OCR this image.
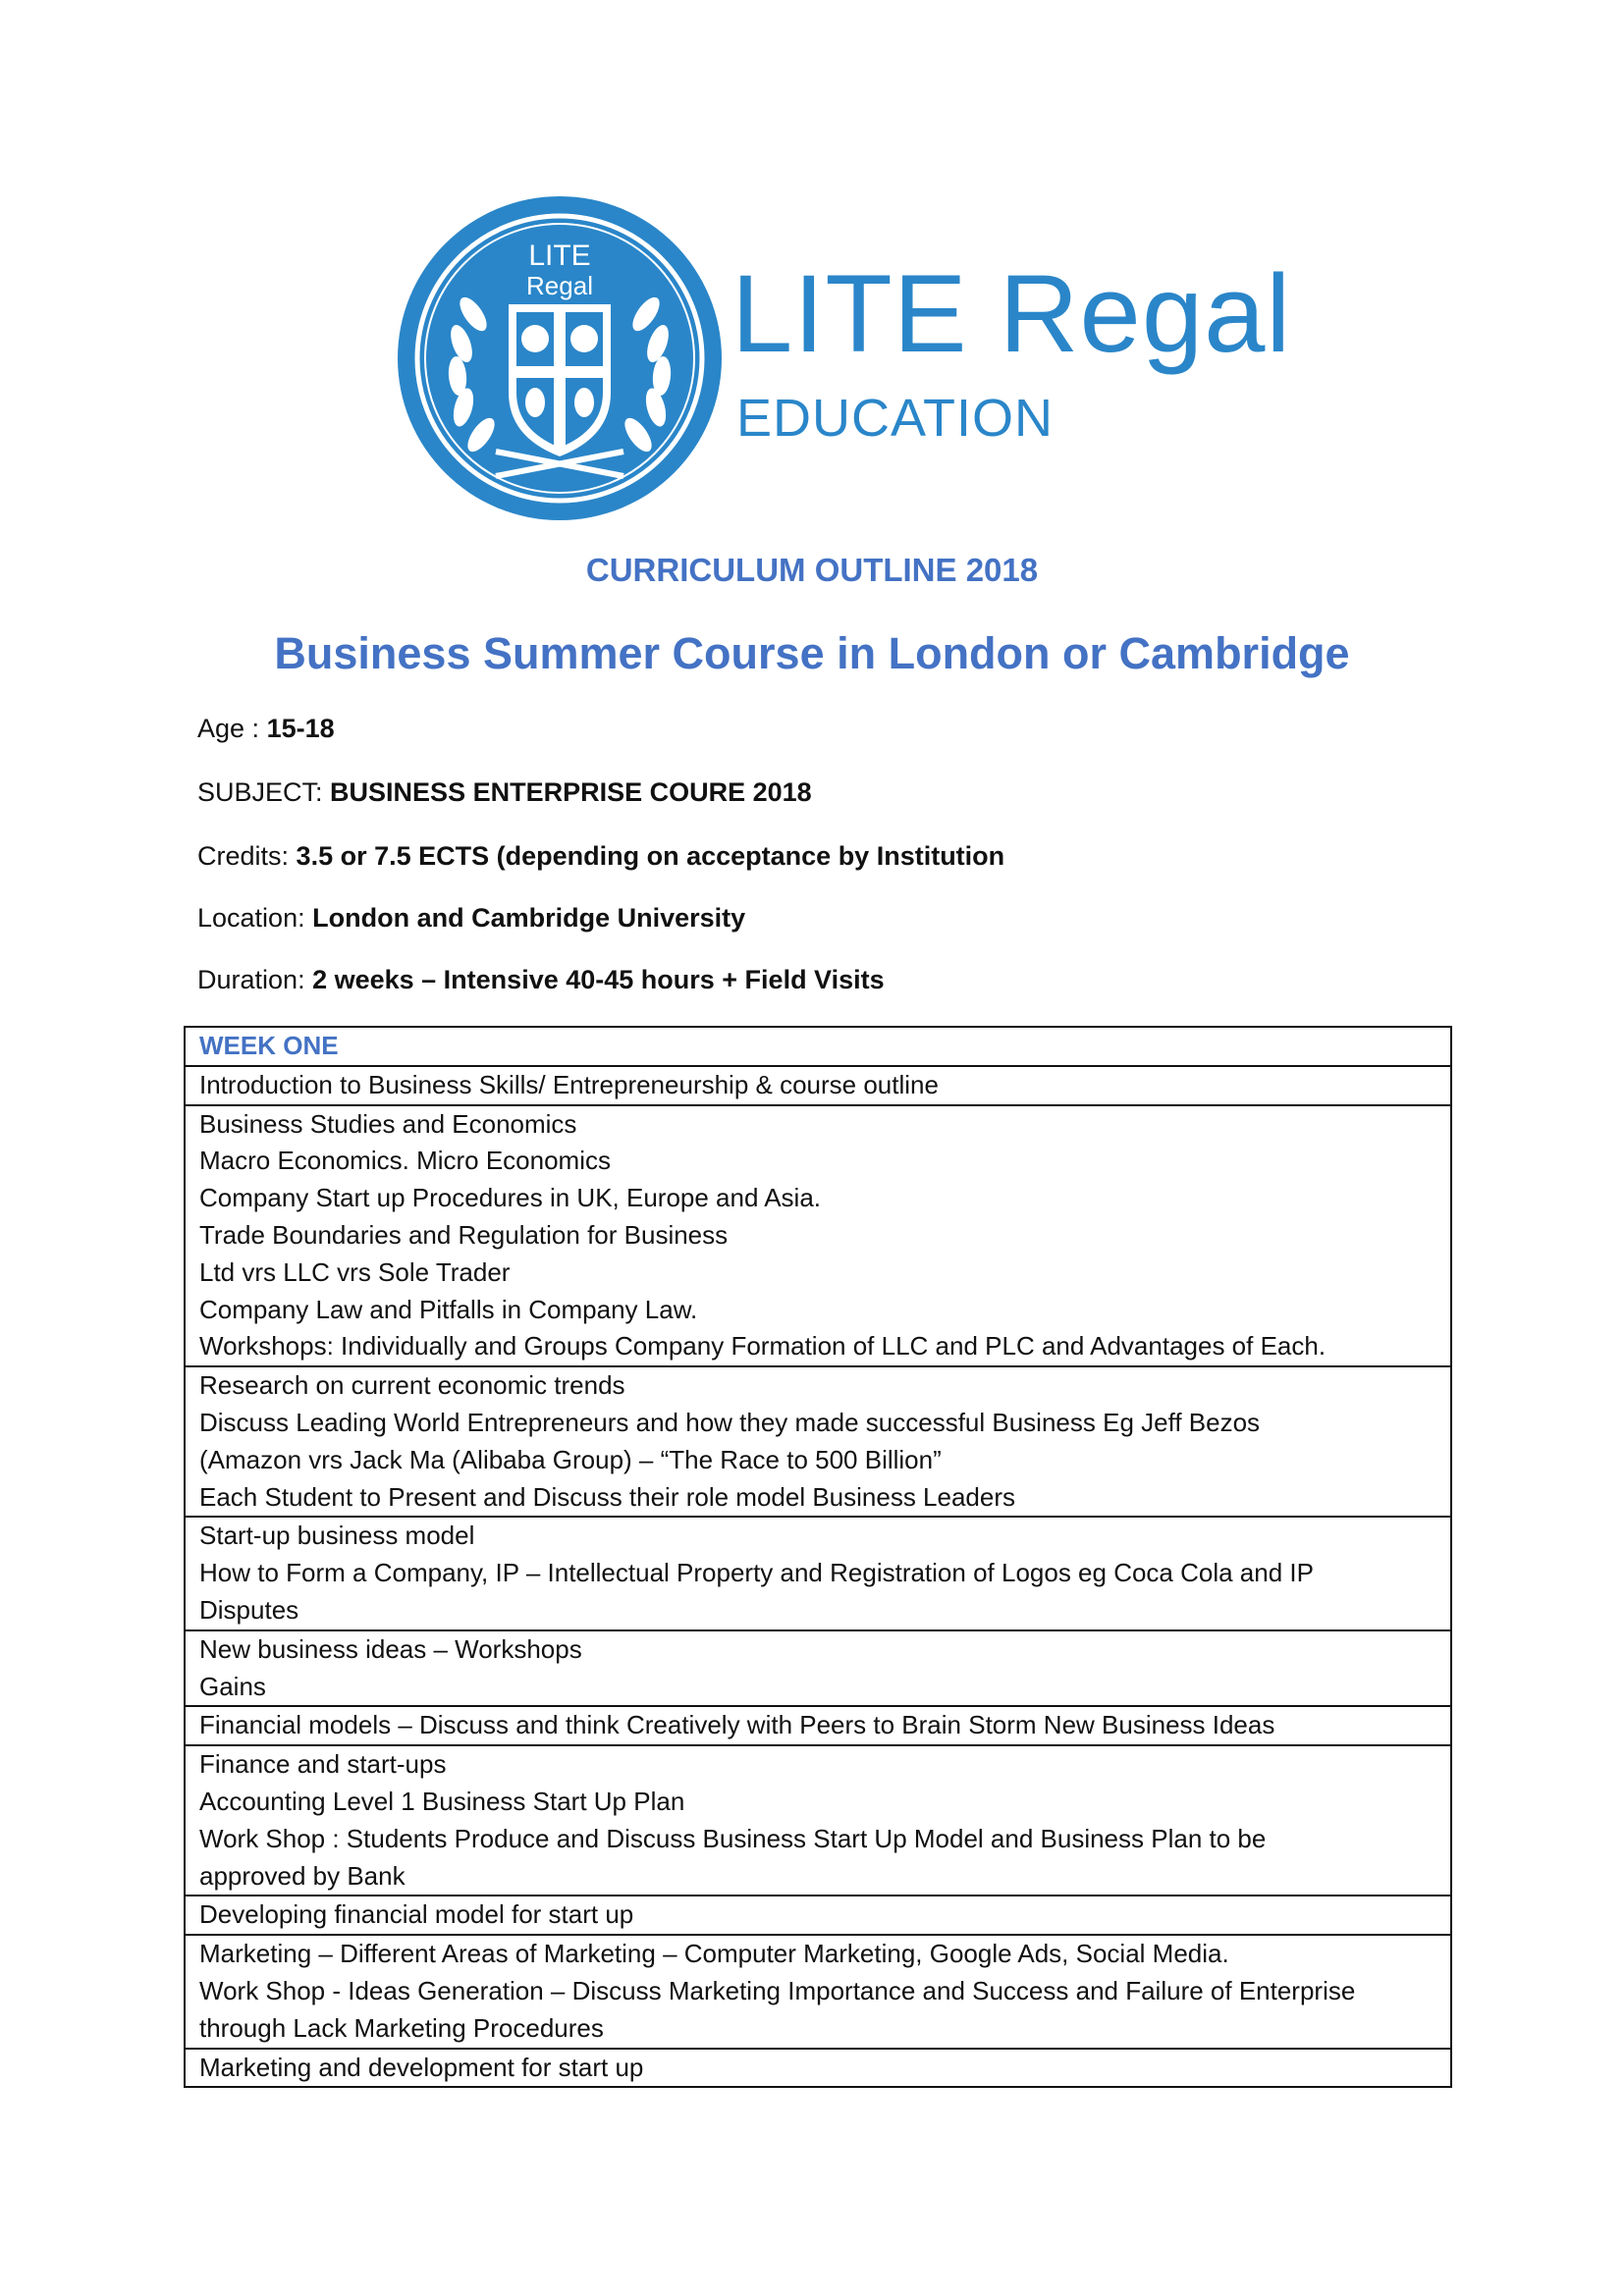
LITE
Regal LITE Regal
EDUCATION
CURRICULUM OUTLINE 2018
Business Summer Course in London or Cambridge
Age : 15-18
SUBJECT: BUSINESS ENTERPRISE COURE 2018
Credits: 3.5 or 7.5 ECTS (depending on acceptance by Institution
Location: London and Cambridge University
Duration: 2 weeks – Intensive 40-45 hours + Field Visits
WEEK ONE
Introduction to Business Skills/ Entrepreneurship & course outline
Business Studies and Economics
Macro Economics. Micro Economics
Company Start up Procedures in UK, Europe and Asia.
Trade Boundaries and Regulation for Business
Ltd vrs LLC vrs Sole Trader
Company Law and Pitfalls in Company Law.
Workshops: Individually and Groups Company Formation of LLC and PLC and Advantages of Each.
Research on current economic trends
Discuss Leading World Entrepreneurs and how they made successful Business Eg Jeff Bezos
(Amazon vrs Jack Ma (Alibaba Group) – “The Race to 500 Billion”
Each Student to Present and Discuss their role model Business Leaders
Start-up business model
How to Form a Company, IP – Intellectual Property and Registration of Logos eg Coca Cola and IP
Disputes
New business ideas – Workshops
Gains
Financial models – Discuss and think Creatively with Peers to Brain Storm New Business Ideas
Finance and start-ups
Accounting Level 1 Business Start Up Plan
Work Shop : Students Produce and Discuss Business Start Up Model and Business Plan to be
approved by Bank
Developing financial model for start up
Marketing – Different Areas of Marketing – Computer Marketing, Google Ads, Social Media.
Work Shop - Ideas Generation – Discuss Marketing Importance and Success and Failure of Enterprise
through Lack Marketing Procedures
Marketing and development for start up
